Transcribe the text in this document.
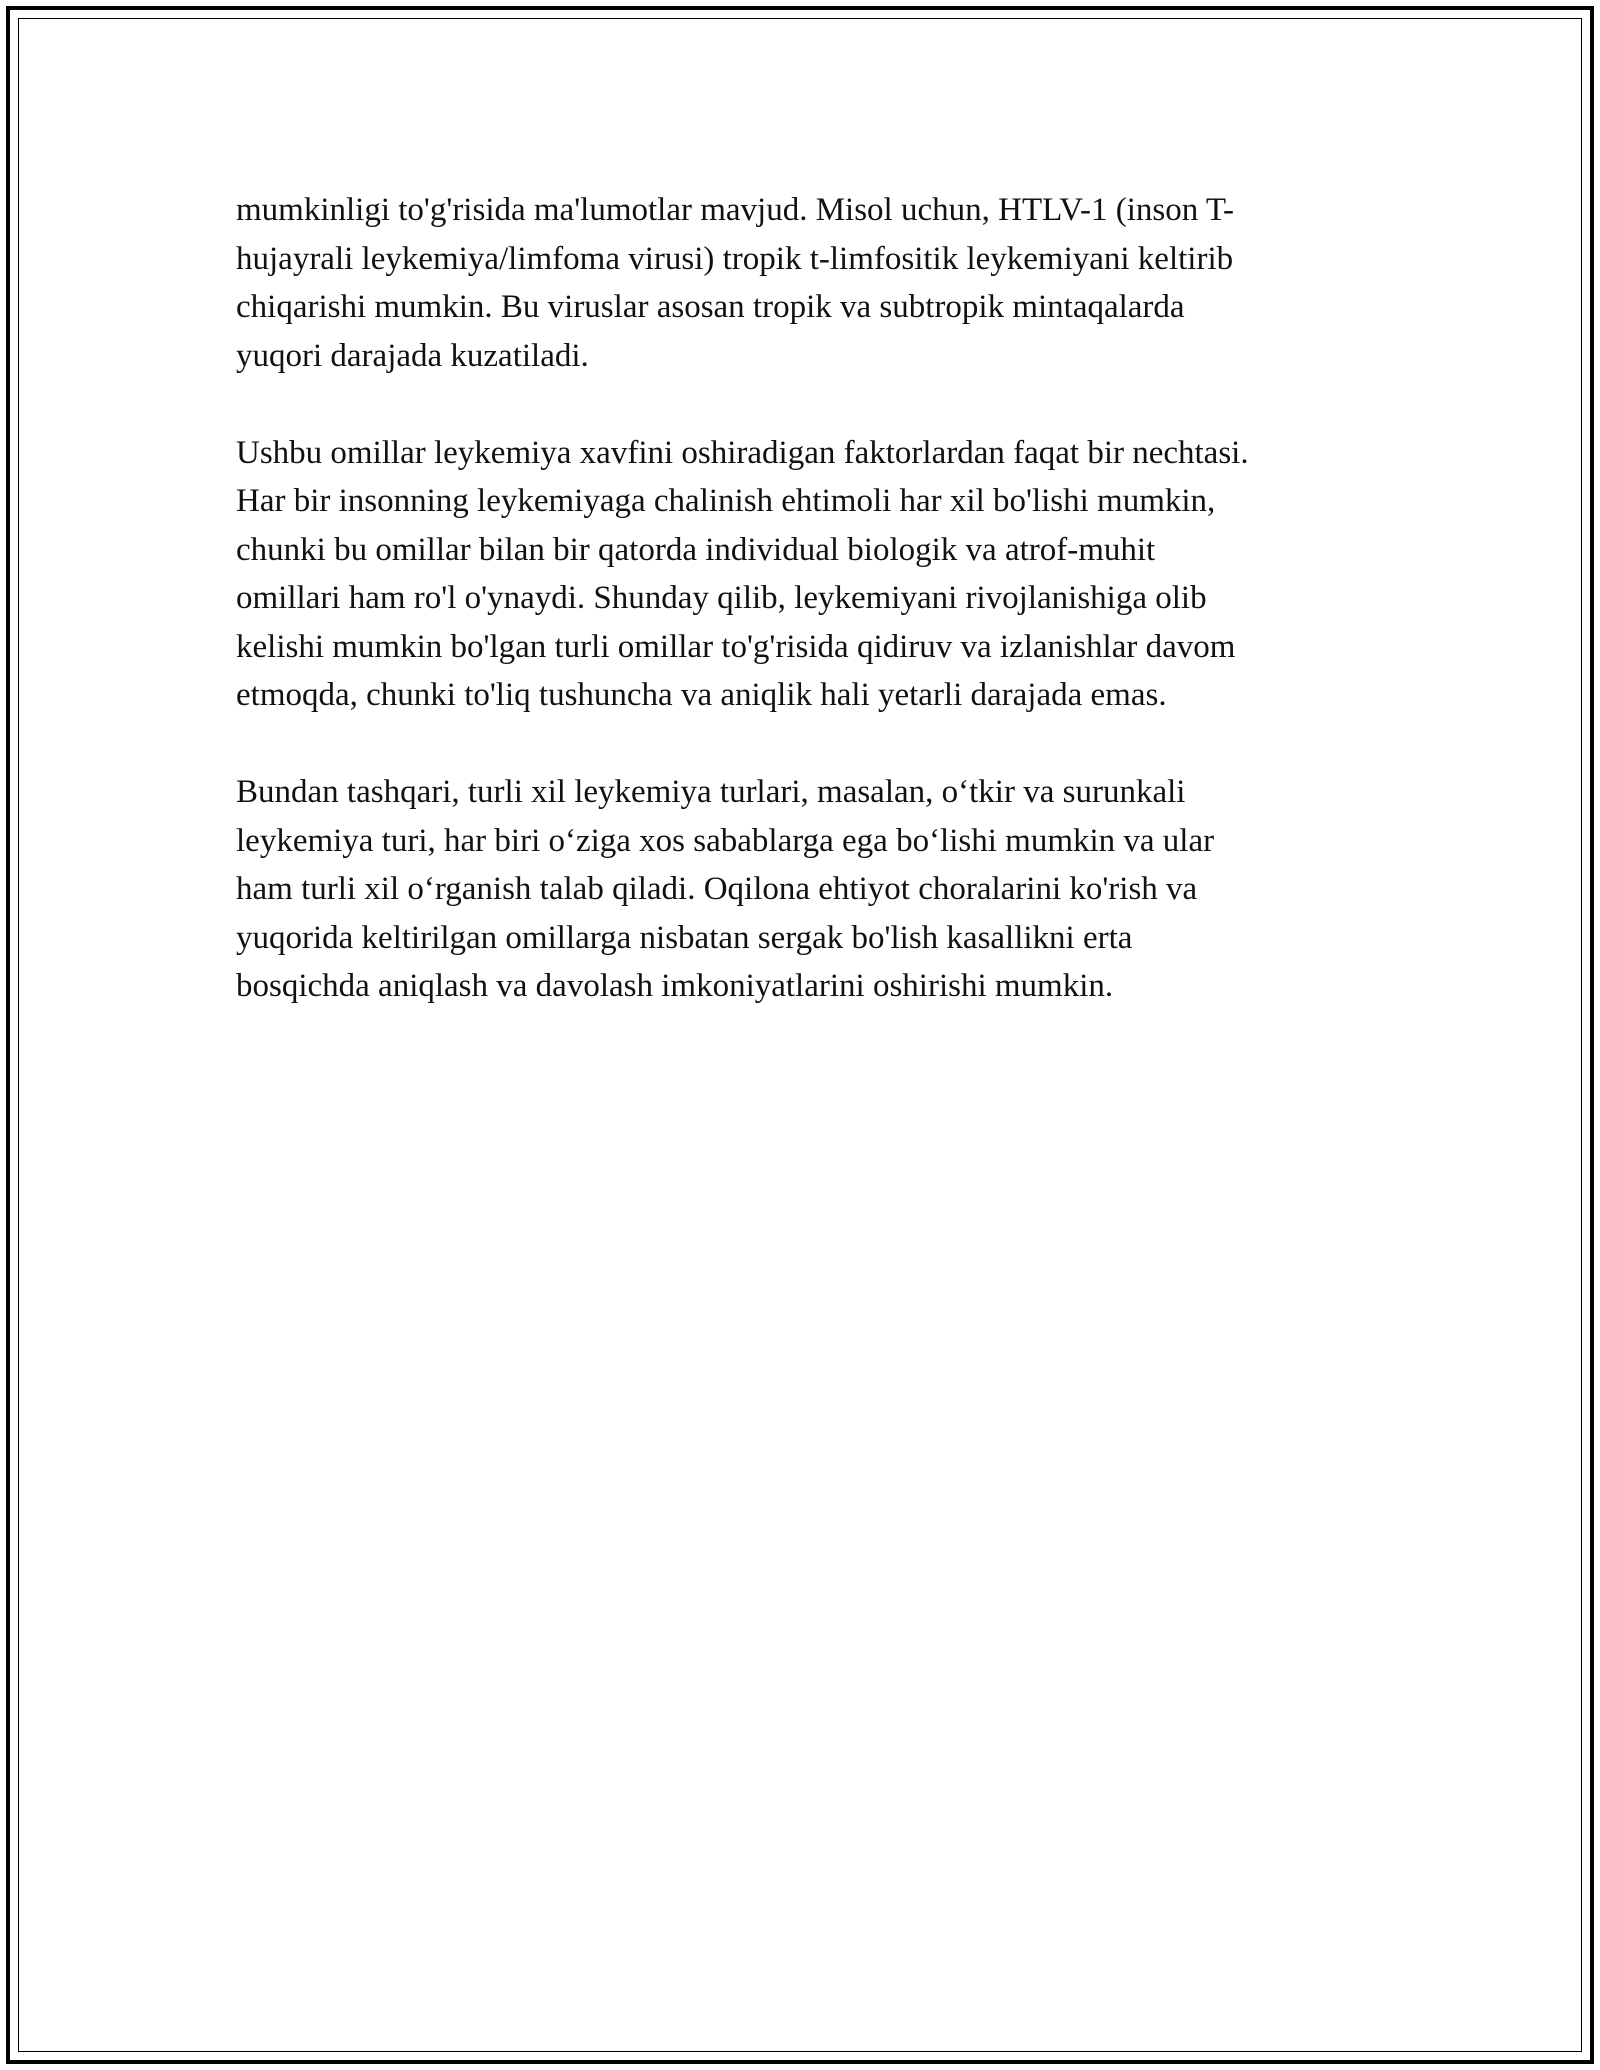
mumkinligi to'g'risida ma'lumotlar mavjud. Misol uchun, HTLV-1 (inson T-
hujayrali leykemiya/limfoma virusi) tropik t-limfositik leykemiyani keltirib
chiqarishi mumkin. Bu viruslar asosan tropik va subtropik mintaqalarda
yuqori darajada kuzatiladi.

Ushbu omillar leykemiya xavfini oshiradigan faktorlardan faqat bir nechtasi.
Har bir insonning leykemiyaga chalinish ehtimoli har xil bo'lishi mumkin,
chunki bu omillar bilan bir qatorda individual biologik va atrof-muhit
omillari ham ro'l o'ynaydi. Shunday qilib, leykemiyani rivojlanishiga olib
kelishi mumkin bo'lgan turli omillar to'g'risida qidiruv va izlanishlar davom
etmoqda, chunki to'liq tushuncha va aniqlik hali yetarli darajada emas.

Bundan tashqari, turli xil leykemiya turlari, masalan, o‘tkir va surunkali
leykemiya turi, har biri o‘ziga xos sabablarga ega bo‘lishi mumkin va ular
ham turli xil o‘rganish talab qiladi. Oqilona ehtiyot choralarini ko'rish va
yuqorida keltirilgan omillarga nisbatan sergak bo'lish kasallikni erta
bosqichda aniqlash va davolash imkoniyatlarini oshirishi mumkin.
